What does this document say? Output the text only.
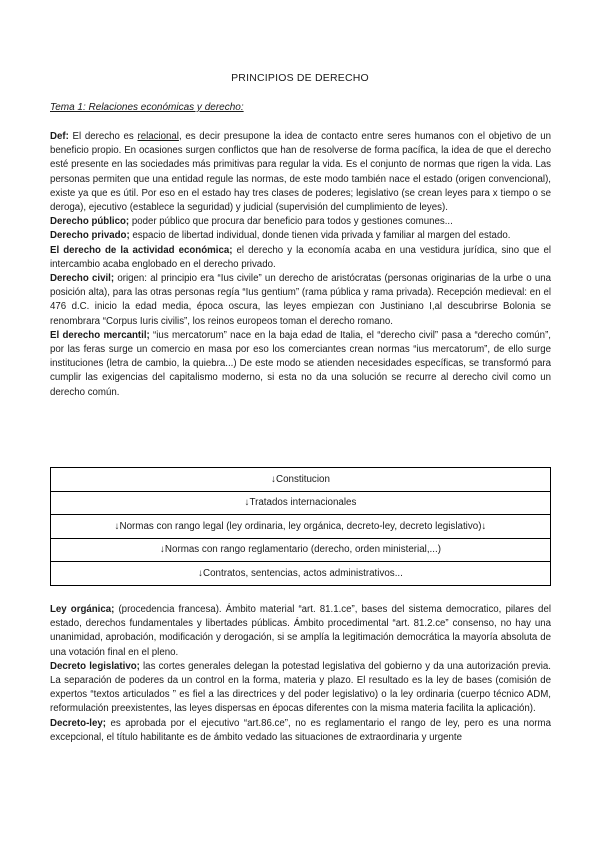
PRINCIPIOS DE DERECHO
Tema 1: Relaciones económicas y derecho:

Def: El derecho es relacional, es decir presupone la idea de contacto entre seres humanos con el objetivo de un beneficio propio. En ocasiones surgen conflictos que han de resolverse de forma pacífica, la idea de que el derecho esté presente en las sociedades más primitivas para regular la vida. Es el conjunto de normas que rigen la vida. Las personas permiten que una entidad regule las normas, de este modo también nace el estado (origen convencional), existe ya que es útil. Por eso en el estado hay tres clases de poderes; legislativo (se crean leyes para x tiempo o se deroga), ejecutivo (establece la seguridad) y judicial (supervisión del cumplimiento de leyes).

Derecho público; poder público que procura dar beneficio para todos y gestiones comunes...

Derecho privado; espacio de libertad individual, donde tienen vida privada y familiar al margen del estado.

El derecho de la actividad económica; el derecho y la economía acaba en una vestidura jurídica, sino que el intercambio acaba englobado en el derecho privado.

Derecho civil; origen: al principio era “Ius civile” un derecho de aristócratas (personas originarias de la urbe o una posición alta), para las otras personas regía “Ius gentium” (rama pública y rama privada). Recepción medieval: en el 476 d.C. inicio la edad media, época oscura, las leyes empiezan con Justiniano I,al descubrirse Bolonia se renombrara “Corpus Iuris civilis”, los reinos europeos toman el derecho romano.

El derecho mercantil; “ius mercatorum” nace en la baja edad de Italia, el “derecho civil” pasa a “derecho común”, por las feras surge un comercio en masa por eso los comerciantes crean normas “ius mercatorum”, de ello surge instituciones (letra de cambio, la quiebra...) De este modo se atienden necesidades específicas, se transformó para cumplir las exigencias del capitalismo moderno, si esta no da una solución se recurre al derecho civil como un derecho común.

↓Constitucion
↓Tratados internacionales
↓Normas con rango legal (ley ordinaria, ley orgánica, decreto-ley, decreto legislativo)↓
↓Normas con rango reglamentario (derecho, orden ministerial,...)
↓Contratos, sentencias, actos administrativos...

Ley orgánica; (procedencia francesa). Ámbito material “art. 81.1.ce”, bases del sistema democratico, pilares del estado, derechos fundamentales y libertades públicas. Ámbito procedimental “art. 81.2.ce” consenso, no hay una unanimidad, aprobación, modificación y derogación, si se amplía la legitimación democrática la mayoría absoluta de una votación final en el pleno.

Decreto legislativo; las cortes generales delegan la potestad legislativa del gobierno y da una autorización previa. La separación de poderes da un control en la forma, materia y plazo. El resultado es la ley de bases (comisión de expertos “textos articulados ” es fiel a las directrices y del poder legislativo) o la ley ordinaria (cuerpo técnico ADM, reformulación preexistentes, las leyes dispersas en épocas diferentes con la misma materia facilita la aplicación).

Decreto-ley; es aprobada por el ejecutivo “art.86.ce”, no es reglamentario el rango de ley, pero es una norma excepcional, el título habilitante es de ámbito vedado las situaciones de extraordinaria y urgente
